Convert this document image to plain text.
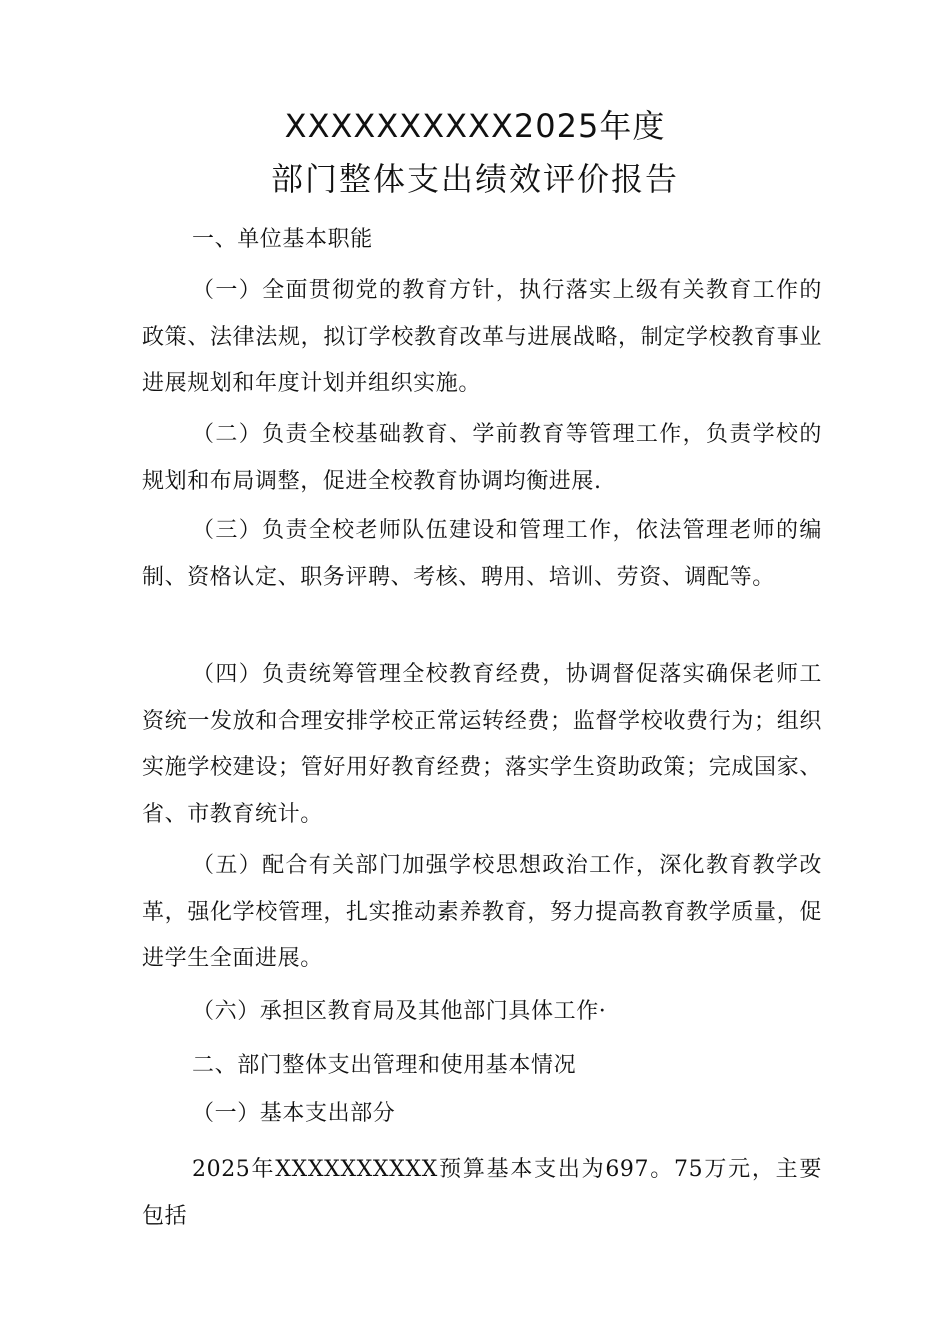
XXXXXXXXXX2025年度
部门整体支出绩效评价报告

一、单位基本职能

（一）全面贯彻党的教育方针，执行落实上级有关教育工作的政策、法律法规，拟订学校教育改革与进展战略，制定学校教育事业进展规划和年度计划并组织实施。

（二）负责全校基础教育、学前教育等管理工作，负责学校的规划和布局调整，促进全校教育协调均衡进展.

（三）负责全校老师队伍建设和管理工作，依法管理老师的编制、资格认定、职务评聘、考核、聘用、培训、劳资、调配等。

（四）负责统筹管理全校教育经费，协调督促落实确保老师工资统一发放和合理安排学校正常运转经费；监督学校收费行为；组织实施学校建设；管好用好教育经费；落实学生资助政策；完成国家、省、市教育统计。

（五）配合有关部门加强学校思想政治工作，深化教育教学改革，强化学校管理，扎实推动素养教育，努力提高教育教学质量，促进学生全面进展。

（六）承担区教育局及其他部门具体工作·

二、部门整体支出管理和使用基本情况

（一）基本支出部分

2025年XXXXXXXXXX预算基本支出为697。75万元，主要包括
